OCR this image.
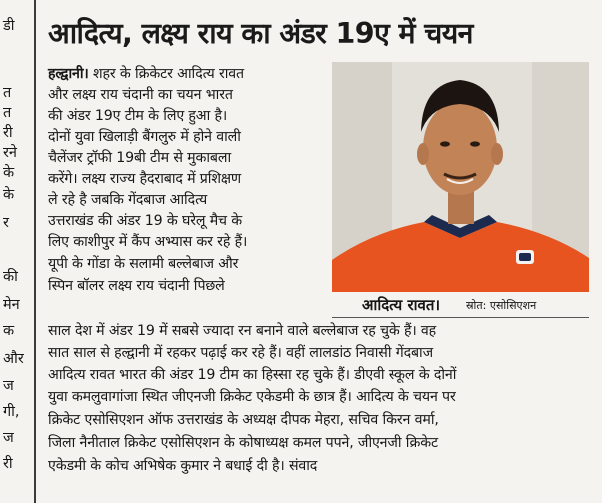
डी
त
त
री
रने
के
के
र
की
मेन
क
और
ज
गी,
ज
री
आदित्य, लक्ष्य राय का अंडर 19ए में चयन
हल्द्वानी। शहर के क्रिकेटर आदित्य रावत
और लक्ष्य राय चंदानी का चयन भारत
की अंडर 19ए टीम के लिए हुआ है।
दोनों युवा खिलाड़ी बैंगलुरु में होने वाली
चैलेंजर ट्रॉफी 19बी टीम से मुकाबला
करेंगे। लक्ष्य राज्य हैदराबाद में प्रशिक्षण
ले रहे है जबकि गेंदबाज आदित्य
उत्तराखंड की अंडर 19 के घरेलू मैच के
लिए काशीपुर में कैंप अभ्यास कर रहे हैं।
यूपी के गोंडा के सलामी बल्लेबाज और
स्पिन बॉलर लक्ष्य राय चंदानी पिछले
आदित्य रावत। स्रोत: एसोसिएशन
साल देश में अंडर 19 में सबसे ज्यादा रन बनाने वाले बल्लेबाज रह चुके हैं। वह
सात साल से हल्द्वानी में रहकर पढ़ाई कर रहे हैं। वहीं लालडांठ निवासी गेंदबाज
आदित्य रावत भारत की अंडर 19 टीम का हिस्सा रह चुके हैं। डीएवी स्कूल के दोनों
युवा कमलुवागांजा स्थित जीएनजी क्रिकेट एकेडमी के छात्र हैं। आदित्य के चयन पर
क्रिकेट एसोसिएशन ऑफ उत्तराखंड के अध्यक्ष दीपक मेहरा, सचिव किरन वर्मा,
जिला नैनीताल क्रिकेट एसोसिएशन के कोषाध्यक्ष कमल पपने, जीएनजी क्रिकेट
एकेडमी के कोच अभिषेक कुमार ने बधाई दी है। संवाद
